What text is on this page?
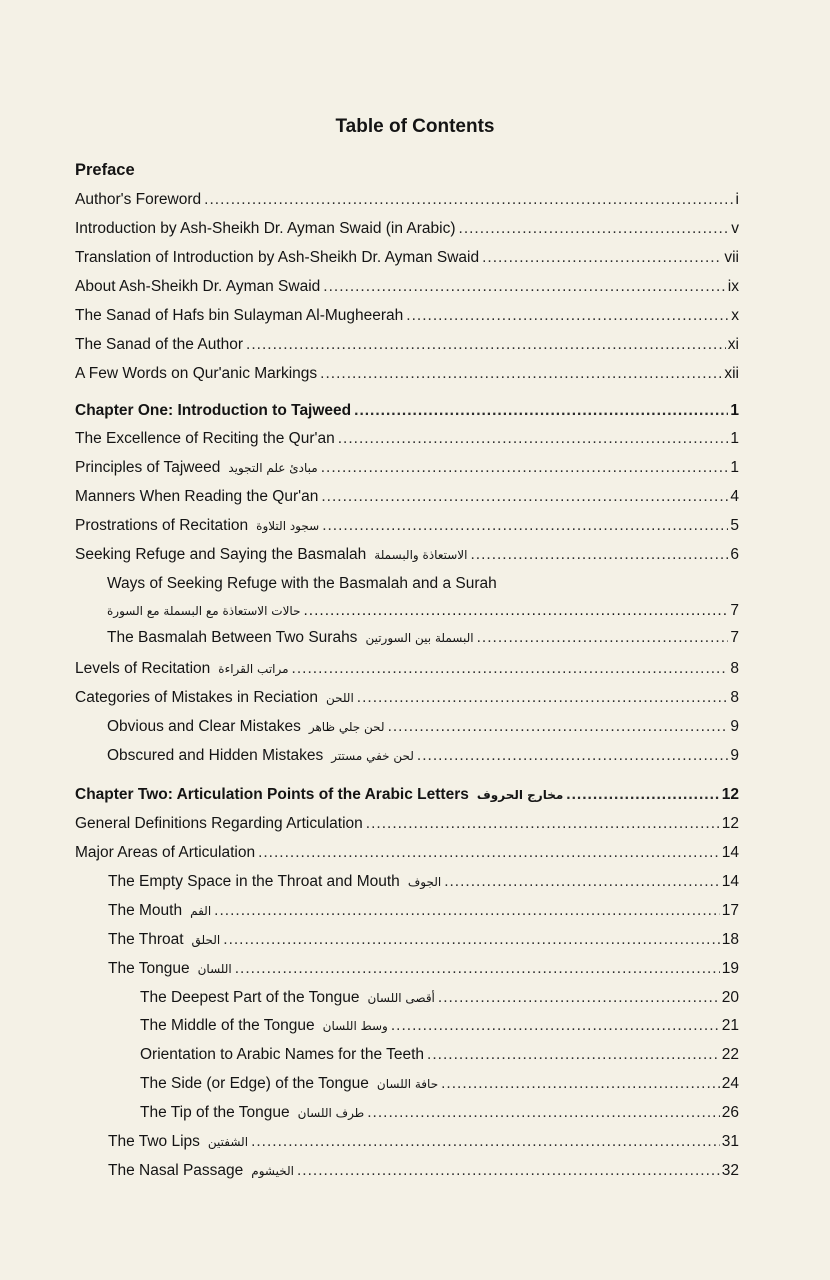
Table of Contents
Preface
Author's Foreword .....	i
Introduction by Ash-Sheikh Dr. Ayman Swaid (in Arabic) .....	v
Translation of Introduction by Ash-Sheikh Dr. Ayman Swaid .....	vii
About Ash-Sheikh Dr. Ayman Swaid .....	ix
The Sanad of Hafs bin Sulayman Al-Mugheerah .....	x
The Sanad of the Author .....	xi
A Few Words on Qur'anic Markings .....	xii
Chapter One: Introduction to Tajweed .....	1
The Excellence of Reciting the Qur'an .....	1
Principles of Tajweed مبادئ علم التجويد .....	1
Manners When Reading the Qur'an .....	4
Prostrations of Recitation سجود التلاوة .....	5
Seeking Refuge and Saying the Basmalah الاستعاذة والبسملة .....	6
Ways of Seeking Refuge with the Basmalah and a Surah
حالات الاستعاذة مع البسملة مع السورة .....	7
The Basmalah Between Two Surahs البسملة بين السورتين .....	7
Levels of Recitation مراتب القراءة .....	8
Categories of Mistakes in Reciation اللحن .....	8
Obvious and Clear Mistakes لحن جلي ظاهر .....	9
Obscured and Hidden Mistakes لحن خفي مستتر .....	9
Chapter Two: Articulation Points of the Arabic Letters مخارج الحروف .....	12
General Definitions Regarding Articulation .....	12
Major Areas of Articulation .....	14
The Empty Space in the Throat and Mouth الجوف .....	14
The Mouth الفم .....	17
The Throat الحلق .....	18
The Tongue اللسان .....	19
The Deepest Part of the Tongue أقصى اللسان .....	20
The Middle of the Tongue وسط اللسان .....	21
Orientation to Arabic Names for the Teeth .....	22
The Side (or Edge) of the Tongue حافة اللسان .....	24
The Tip of the Tongue طرف اللسان .....	26
The Two Lips الشفتين .....	31
The Nasal Passage الخيشوم .....	32
